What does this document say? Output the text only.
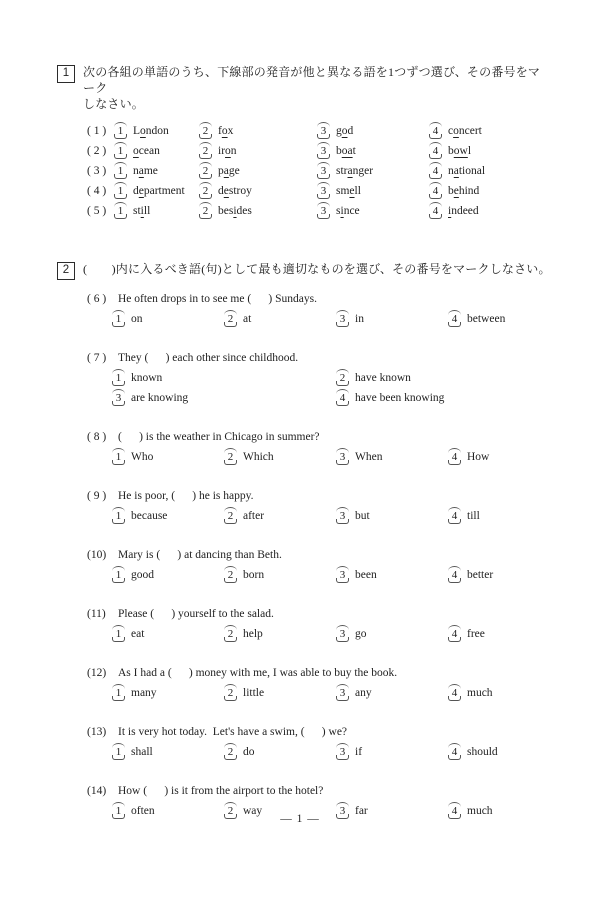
1	次の各組の単語のうち、下線部の発音が他と異なる語を1つずつ選び、その番号をマーク
しなさい。
( 1 )	1 London	2 fox	3 god	4 concert
( 2 )	1 ocean	2 iron	3 boat	4 bowl
( 3 )	1 name	2 page	3 stranger	4 national
( 4 )	1 department 2 destroy	3 smell	4 behind
( 5 )	1 still	2 besides	3 since	4 indeed
2	(　　)内に入るべき語(句)として最も適切なものを選び、その番号をマークしなさい。
( 6 )	He often drops in to see me (      ) Sundays.
1 on	2 at	3 in	4 between
( 7 )	They (      ) each other since childhood.
1 known	2 have known
3 are knowing	4 have been knowing
( 8 )	(      ) is the weather in Chicago in summer?
1 Who	2 Which	3 When	4 How
( 9 )	He is poor, (      ) he is happy.
1 because	2 after	3 but	4 till
(10)	Mary is (      ) at dancing than Beth.
1 good	2 born	3 been	4 better
(11)	Please (      ) yourself to the salad.
1 eat	2 help	3 go	4 free
(12)	As I had a (      ) money with me, I was able to buy the book.
1 many	2 little	3 any	4 much
(13)	It is very hot today.  Let's have a swim, (      ) we?
1 shall	2 do	3 if	4 should
(14)	How (      ) is it from the airport to the hotel?
1 often	2 way	3 far	4 much
— 1 —
